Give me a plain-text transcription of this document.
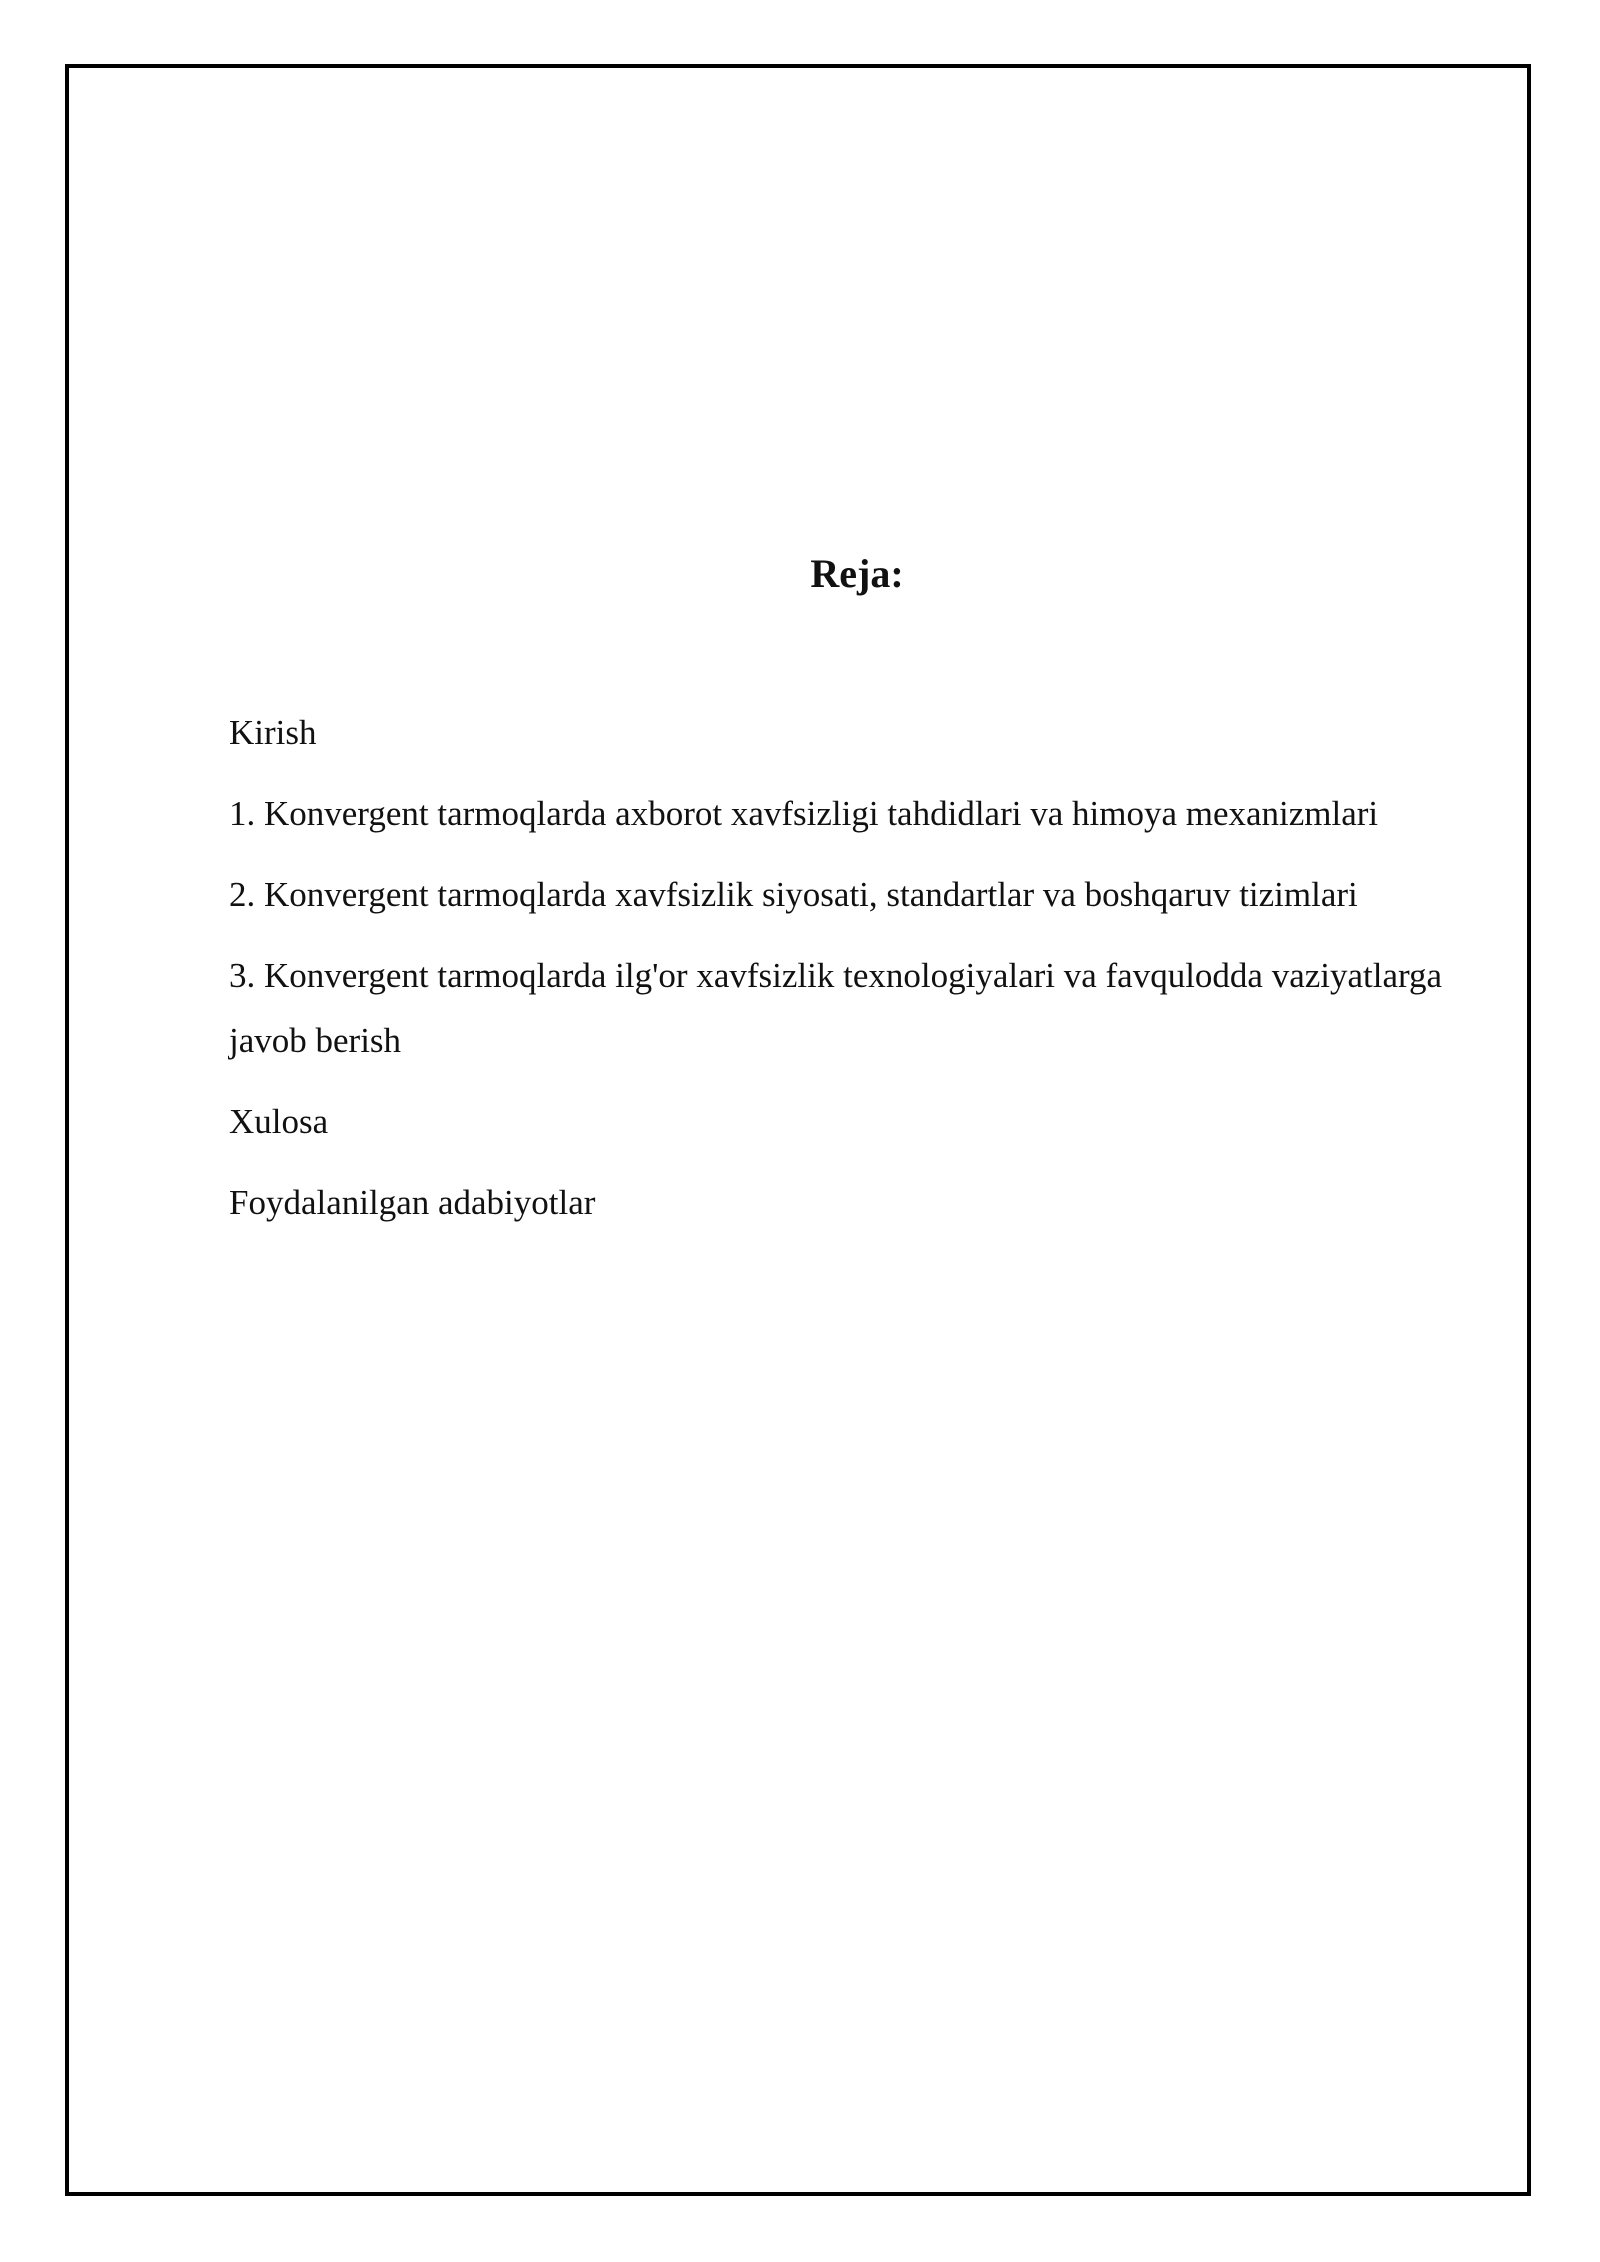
Reja:
Kirish
1. Konvergent tarmoqlarda axborot xavfsizligi tahdidlari va himoya mexanizmlari
2. Konvergent tarmoqlarda xavfsizlik siyosati, standartlar va boshqaruv tizimlari
3. Konvergent tarmoqlarda ilg'or xavfsizlik texnologiyalari va favqulodda vaziyatlarga javob berish
Xulosa
Foydalanilgan adabiyotlar
